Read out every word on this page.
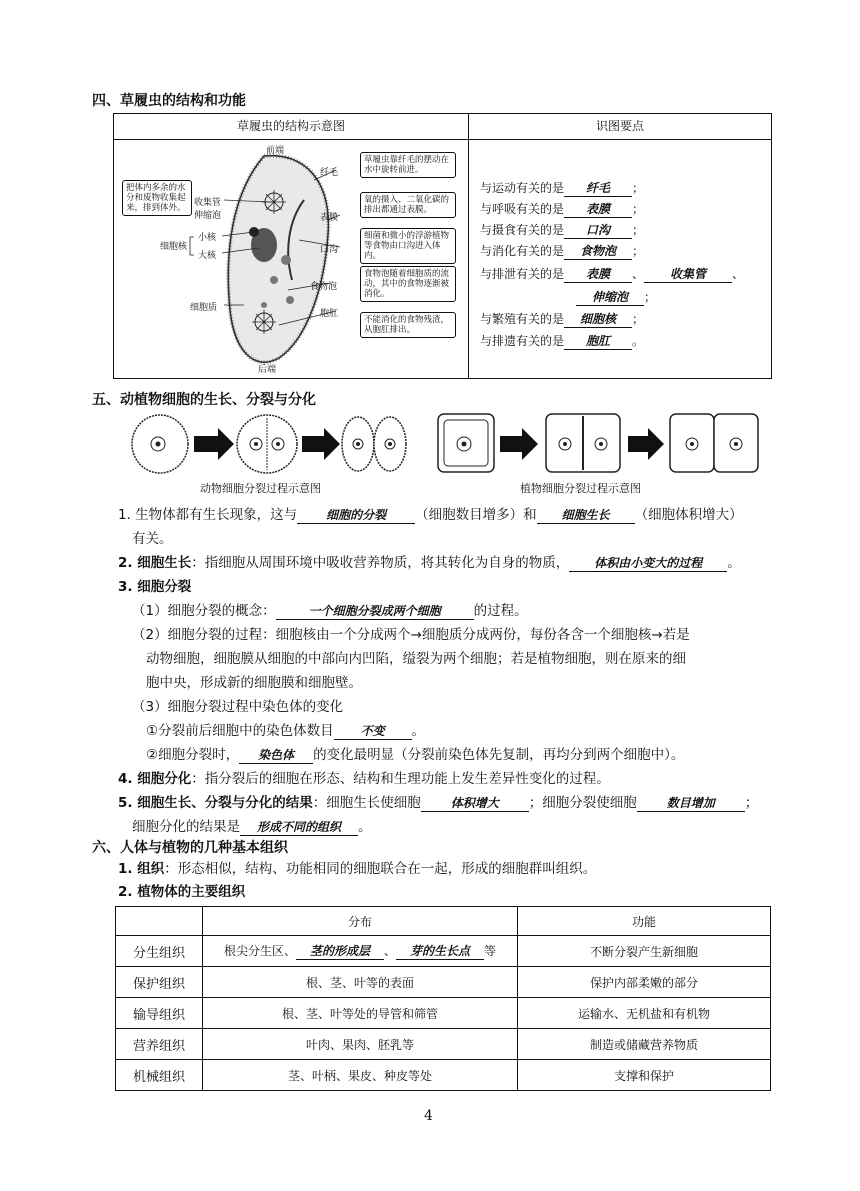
四、草履虫的结构和功能
草履虫的结构示意图
前端
后端
纤毛
表膜
口沟
食物泡
胞肛
草履虫靠纤毛的摆动在水中旋转前进。
氧的摄入、二氧化碳的排出都通过表膜。
细菌和微小的浮游植物等食物由口沟进入体内。
食物泡随着细胞质的流动，其中的食物逐渐被消化。
不能消化的食物残渣，从胞肛排出。
把体内多余的水分和废物收集起来，排到体外。 收集管
伸缩泡
小核
大核
细胞核
细胞质

识图要点
与运动有关的是 纤毛 ；
与呼吸有关的是 表膜 ；
与摄食有关的是 口沟 ；
与消化有关的是 食物泡 ；
与排泄有关的是 表膜 、 收集管 、
伸缩泡 ；
与繁殖有关的是 细胞核 ；
与排遗有关的是 胞肛 。
五、动植物细胞的生长、分裂与分化
动物细胞分裂过程示意图	植物细胞分裂过程示意图
1. 生物体都有生长现象，这与 细胞的分裂 （细胞数目增多）和 细胞生长 （细胞体积增大）
有关。
2. 细胞生长：指细胞从周围环境中吸收营养物质，将其转化为自身的物质， 体积由小变大的过程 。
3. 细胞分裂
（1）细胞分裂的概念：	一个细胞分裂成两个细胞 的过程。
（2）细胞分裂的过程：细胞核由一个分成两个→细胞质分成两份，每份各含一个细胞核→若是
动物细胞，细胞膜从细胞的中部向内凹陷，缢裂为两个细胞；若是植物细胞，则在原来的细
胞中央，形成新的细胞膜和细胞壁。
（3）细胞分裂过程中染色体的变化
①分裂前后细胞中的染色体数目 不变 。
②细胞分裂时， 染色体 的变化最明显（分裂前染色体先复制，再均分到两个细胞中）。
4. 细胞分化：指分裂后的细胞在形态、结构和生理功能上发生差异性变化的过程。
5. 细胞生长、分裂与分化的结果：细胞生长使细胞 体积增大 ；细胞分裂使细胞 数目增加 ；
细胞分化的结果是 形成不同的组织 。
六、人体与植物的几种基本组织
1. 组织：形态相似，结构、功能相同的细胞联合在一起，形成的细胞群叫组织。
2. 植物体的主要组织
	分布	功能
分生组织	根尖分生区、 茎的形成层 、 芽的生长点 等	不断分裂产生新细胞
保护组织	根、茎、叶等的表面	保护内部柔嫩的部分
输导组织	根、茎、叶等处的导管和筛管	运输水、无机盐和有机物
营养组织	叶肉、果肉、胚乳等	制造或储藏营养物质
机械组织	茎、叶柄、果皮、种皮等处	支撑和保护
4
